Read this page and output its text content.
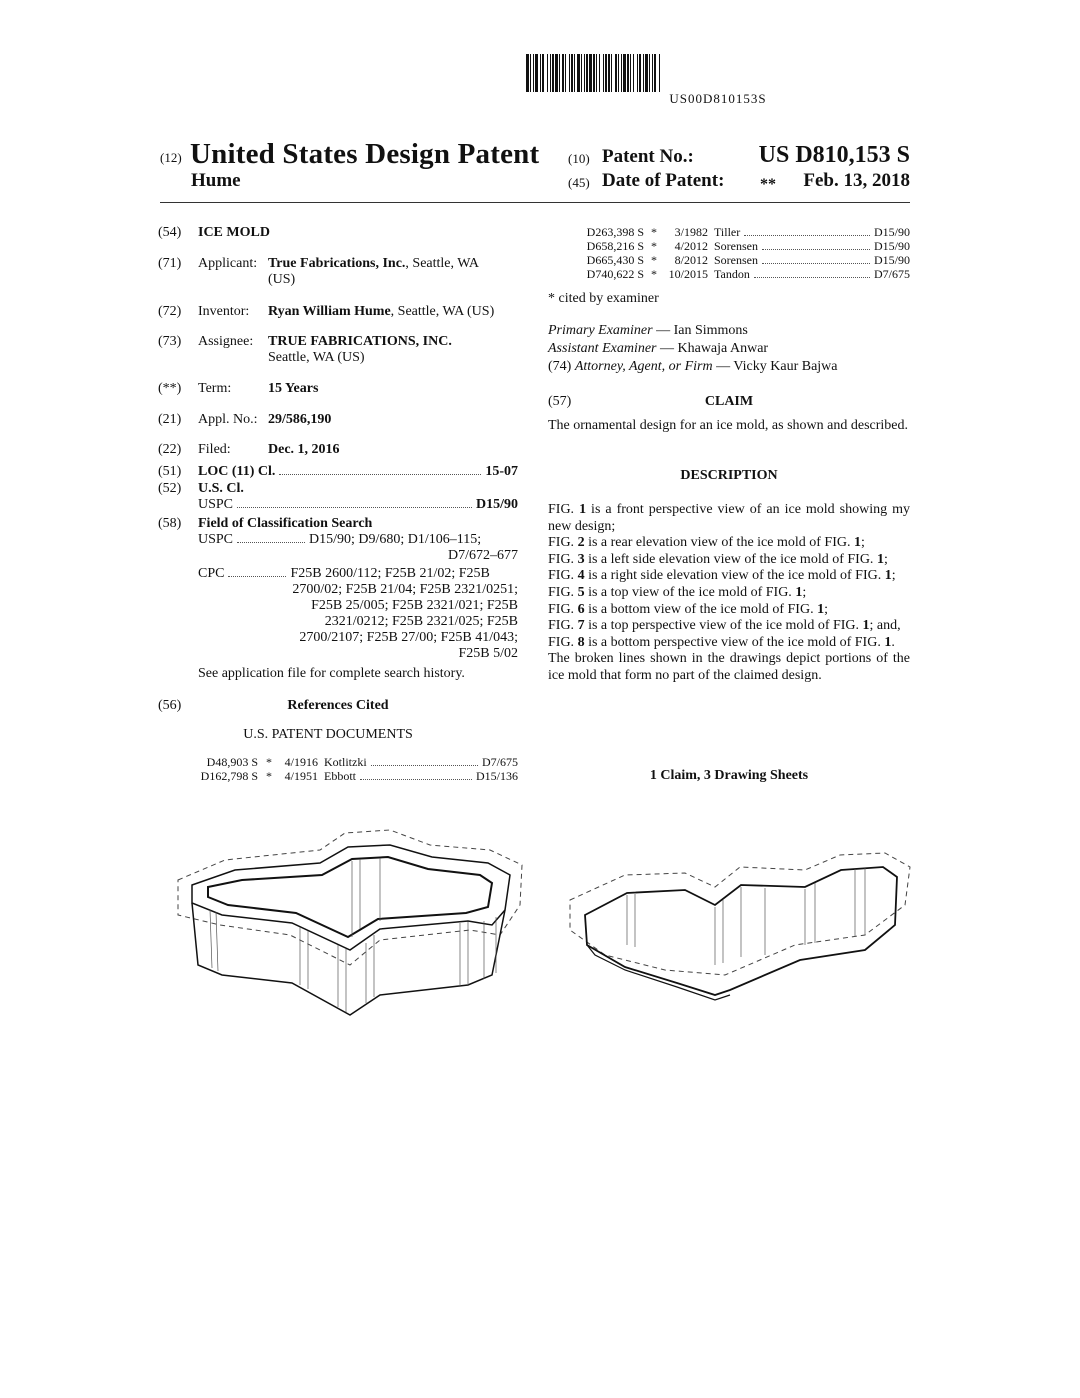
US00D810153S
(12) United States Design Patent
Hume
(10) Patent No.:	US D810,153 S
(45) Date of Patent: **	Feb. 13, 2018
(54) ICE MOLD
(71) Applicant: True Fabrications, Inc., Seattle, WA
(US)
(72) Inventor: Ryan William Hume, Seattle, WA (US)
(73) Assignee: TRUE FABRICATIONS, INC.
Seattle, WA (US)
(**) Term:	15 Years
(21) Appl. No.: 29/586,190
(22) Filed:	Dec. 1, 2016
(51) LOC (11) Cl.	15-07
(52) U.S. Cl.
USPC	D15/90
(58) Field of Classification Search
USPC	D15/90; D9/680; D1/106–115;
D7/672–677
CPC	F25B 2600/112; F25B 21/02; F25B
2700/02; F25B 21/04; F25B 2321/0251;
F25B 25/005; F25B 2321/021; F25B
2321/0212; F25B 2321/025; F25B
2700/2107; F25B 27/00; F25B 41/043;
F25B 5/02
See application file for complete search history.
(56)	References Cited
U.S. PATENT DOCUMENTS
D48,903 S *	4/1916 Kotlitzki	D7/675
D162,798 S *	4/1951 Ebbott	D15/136
D263,398 S *	3/1982 Tiller	D15/90
D658,216 S *	4/2012 Sorensen	D15/90
D665,430 S *	8/2012 Sorensen	D15/90
D740,622 S * 10/2015 Tandon	D7/675
* cited by examiner
Primary Examiner — Ian Simmons
Assistant Examiner — Khawaja Anwar
(74) Attorney, Agent, or Firm — Vicky Kaur Bajwa
(57)	CLAIM
The ornamental design for an ice mold, as shown and described.
DESCRIPTION

FIG. 1 is a front perspective view of an ice mold showing my new design;

FIG. 2 is a rear elevation view of the ice mold of FIG. 1;

FIG. 3 is a left side elevation view of the ice mold of FIG. 1;

FIG. 4 is a right side elevation view of the ice mold of FIG. 1;

FIG. 5 is a top view of the ice mold of FIG. 1;

FIG. 6 is a bottom view of the ice mold of FIG. 1;

FIG. 7 is a top perspective view of the ice mold of FIG. 1; and,

FIG. 8 is a bottom perspective view of the ice mold of FIG. 1.

The broken lines shown in the drawings depict portions of the ice mold that form no part of the claimed design.

1 Claim, 3 Drawing Sheets
